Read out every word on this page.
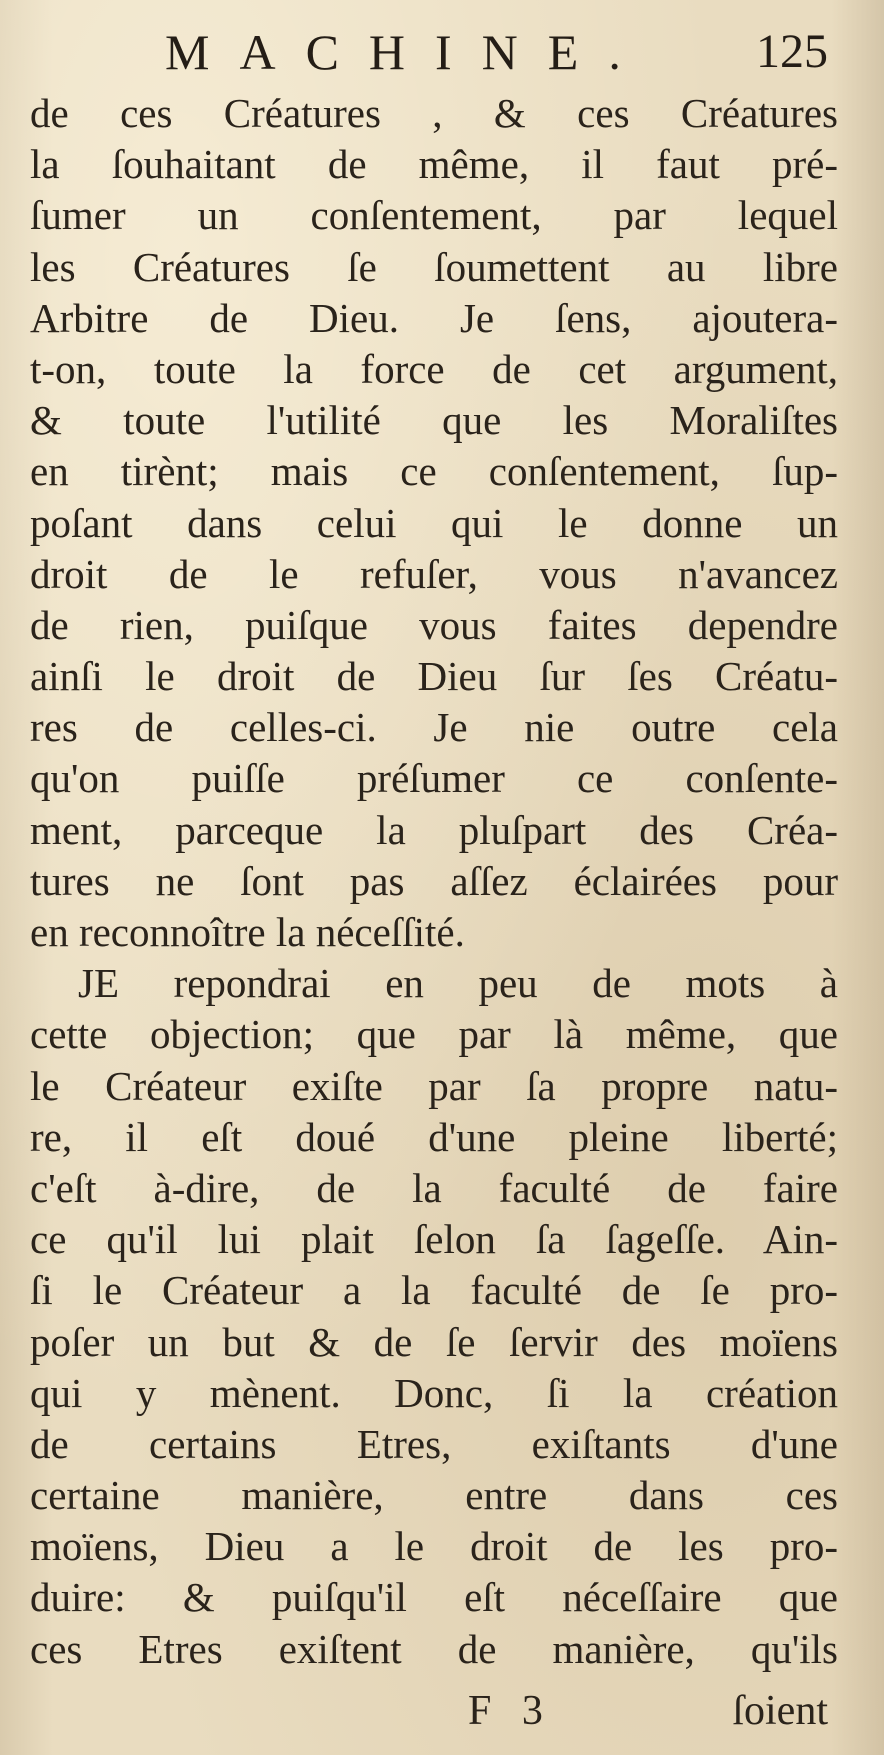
MACHINE. 125
de ces Créatures , & ces Créatures
la ſouhaitant de même, il faut pré-
ſumer un conſentement, par lequel
les Créatures ſe ſoumettent au libre
Arbitre de Dieu. Je ſens, ajoutera-
t-on, toute la force de cet argument,
& toute l'utilité que les Moraliſtes
en tirènt; mais ce conſentement, ſup-
poſant dans celui qui le donne un
droit de le refuſer, vous n'avancez
de rien, puiſque vous faites dependre
ainſi le droit de Dieu ſur ſes Créatu-
res de celles-ci. Je nie outre cela
qu'on puiſſe préſumer ce conſente-
ment, parceque la pluſpart des Créa-
tures ne ſont pas aſſez éclairées pour
en reconnoître la néceſſité.
JE repondrai en peu de mots à
cette objection; que par là même, que
le Créateur exiſte par ſa propre natu-
re, il eſt doué d'une pleine liberté;
c'eſt à-dire, de la faculté de faire
ce qu'il lui plait ſelon ſa ſageſſe. Ain-
ſi le Créateur a la faculté de ſe pro-
poſer un but & de ſe ſervir des moïens
qui y mènent. Donc, ſi la création
de certains Etres, exiſtants d'une
certaine manière, entre dans ces
moïens, Dieu a le droit de les pro-
duire: & puiſqu'il eſt néceſſaire que
ces Etres exiſtent de manière, qu'ils
F 3	ſoient
